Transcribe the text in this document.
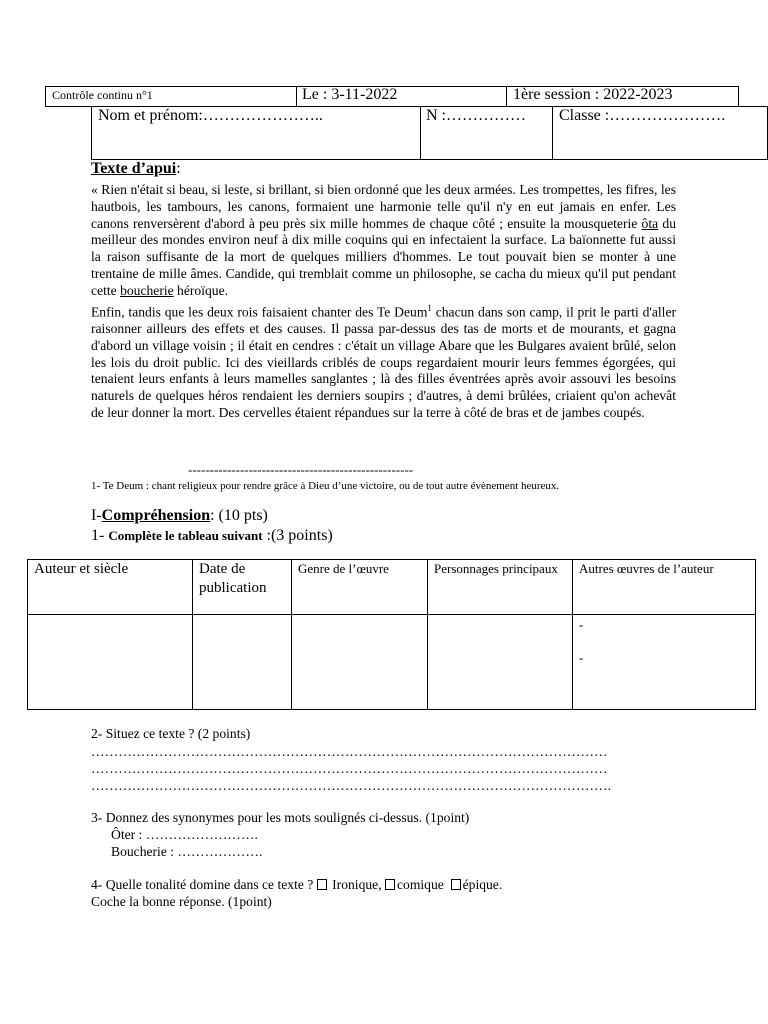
Contrôle continu n°1	Le : 3-11-2022	1ère session : 2022-2023
Nom et prénom:…………………..	N :…………… Classe :………………….
Texte d’apui:

« Rien n'était si beau, si leste, si brillant, si bien ordonné que les deux armées. Les trompettes, les fifres, les hautbois, les tambours, les canons, formaient une harmonie telle qu'il n'y en eut jamais en enfer. Les canons renversèrent d'abord à peu près six mille hommes de chaque côté ; ensuite la mousqueterie ôta du meilleur des mondes environ neuf à dix mille coquins qui en infectaient la surface. La baïonnette fut aussi la raison suffisante de la mort de quelques milliers d'hommes. Le tout pouvait bien se monter à une trentaine de mille âmes. Candide, qui tremblait comme un philosophe, se cacha du mieux qu'il put pendant cette boucherie héroïque.

Enfin, tandis que les deux rois faisaient chanter des Te Deum$^1$ chacun dans son camp, il prit le parti d'aller raisonner ailleurs des effets et des causes. Il passa par-dessus des tas de morts et de mourants, et gagna d'abord un village voisin ; il était en cendres : c'était un village Abare que les Bulgares avaient brûlé, selon les lois du droit public. Ici des vieillards criblés de coups regardaient mourir leurs femmes égorgées, qui tenaient leurs enfants à leurs mamelles sanglantes ; là des filles éventrées après avoir assouvi les besoins naturels de quelques héros rendaient les derniers soupirs ; d'autres, à demi brûlées, criaient qu'on achevât de leur donner la mort. Des cervelles étaient répandues sur la terre à côté de bras et de jambes coupés.

----------------------------------------------------
1- Te Deum : chant religieux pour rendre grâce à Dieu d’une victoire, ou de tout autre évènement heureux.
I-Compréhension: (10 pts)
1- Complète le tableau suivant :(3 points)
Auteur et siècle	Date de publication	Genre de l’œuvre	Personnages principaux	Autres œuvres de l’auteur

				-
-
2- Situez ce texte ? (2 points)
……………………………………………………………………………………………………
……………………………………………………………………………………………………
…………………………………………………………………………………………………….
3- Donnez des synonymes pour les mots soulignés ci-dessus. (1point)
Ôter : …………………….
Boucherie : ……………….
4- Quelle tonalité domine dans ce texte ?  Ironique, comique épique.
Coche la bonne réponse. (1point)
